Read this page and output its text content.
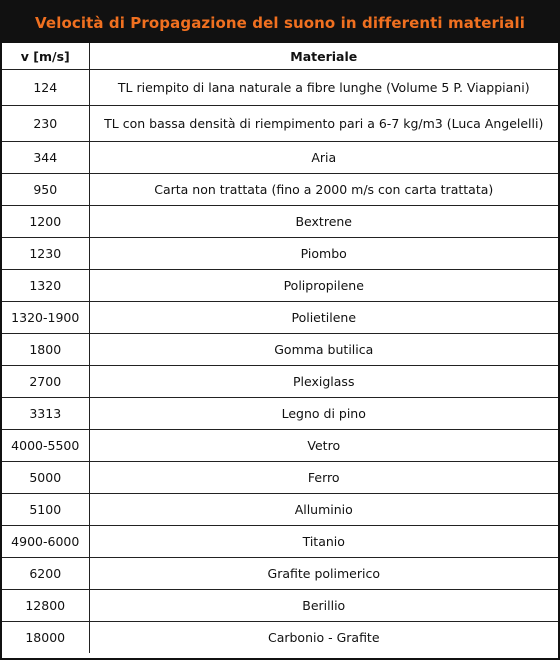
Velocità di Propagazione del suono in differenti materiali
v [m/s]	Materiale
124	TL riempito di lana naturale a fibre lunghe (Volume 5 P. Viappiani)
230	TL con bassa densità di riempimento pari a 6-7 kg/m3 (Luca Angelelli)
344	Aria
950	Carta non trattata (fino a 2000 m/s con carta trattata)
1200	Bextrene
1230	Piombo
1320	Polipropilene
1320-1900	Polietilene
1800	Gomma butilica
2700	Plexiglass
3313	Legno di pino
4000-5500	Vetro
5000	Ferro
5100	Alluminio
4900-6000	Titanio
6200	Grafite polimerico
12800	Berillio
18000	Carbonio - Grafite
